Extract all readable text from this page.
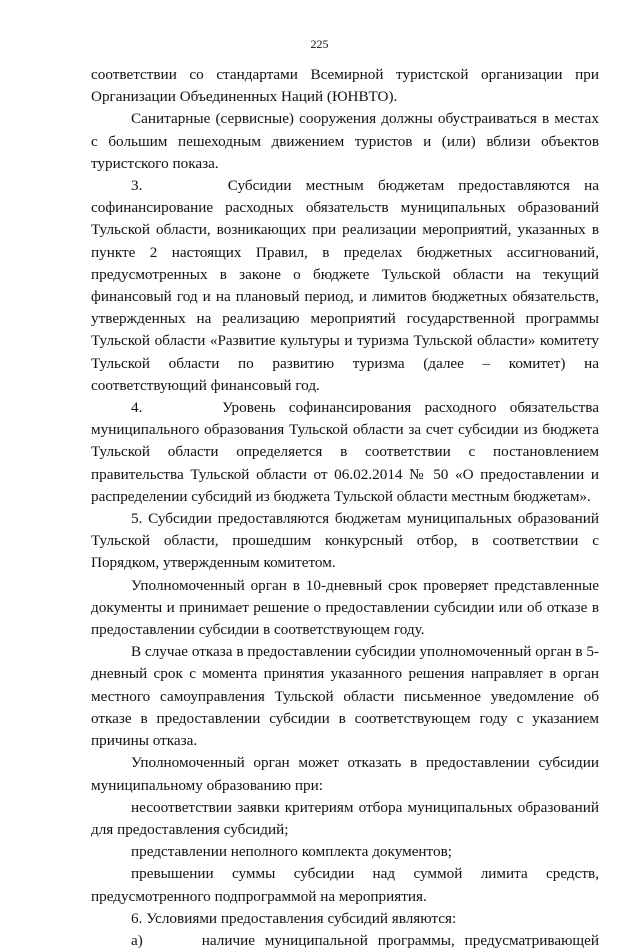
225

соответствии со стандартами Всемирной туристской организации при Организации Объединенных Наций (ЮНВТО).

Санитарные (сервисные) сооружения должны обустраиваться в местах с большим пешеходным движением туристов и (или) вблизи объектов туристского показа.

3.      Субсидии местным бюджетам предоставляются на софинансирование расходных обязательств муниципальных образований Тульской области, возникающих при реализации мероприятий, указанных в пункте 2 настоящих Правил, в пределах бюджетных ассигнований, предусмотренных в законе о бюджете Тульской области на текущий финансовый год и на плановый период, и лимитов бюджетных обязательств, утвержденных на реализацию мероприятий государственной программы Тульской области «Развитие культуры и туризма Тульской области» комитету Тульской области по развитию туризма (далее – комитет) на соответствующий финансовый год.

4.      Уровень софинансирования расходного обязательства муниципального образования Тульской области за счет субсидии из бюджета Тульской области определяется в соответствии с постановлением правительства Тульской области от 06.02.2014 № 50 «О предоставлении и распределении субсидий из бюджета Тульской области местным бюджетам».

5. Субсидии предоставляются бюджетам муниципальных образований Тульской области, прошедшим конкурсный отбор, в соответствии с Порядком, утвержденным комитетом.

Уполномоченный орган в 10-дневный срок проверяет представленные документы и принимает решение о предоставлении субсидии или об отказе в предоставлении субсидии в соответствующем году.

В случае отказа в предоставлении субсидии уполномоченный орган в 5-дневный срок с момента принятия указанного решения направляет в орган местного самоуправления Тульской области письменное уведомление об отказе в предоставлении субсидии в соответствующем году с указанием причины отказа.

Уполномоченный орган может отказать в предоставлении субсидии муниципальному образованию при:

несоответствии заявки критериям отбора муниципальных образований для предоставления субсидий;

представлении неполного комплекта документов;

превышении суммы субсидии над суммой лимита средств, предусмотренного подпрограммой на мероприятия.

6. Условиями предоставления субсидий являются:

а)      наличие муниципальной программы, предусматривающей
